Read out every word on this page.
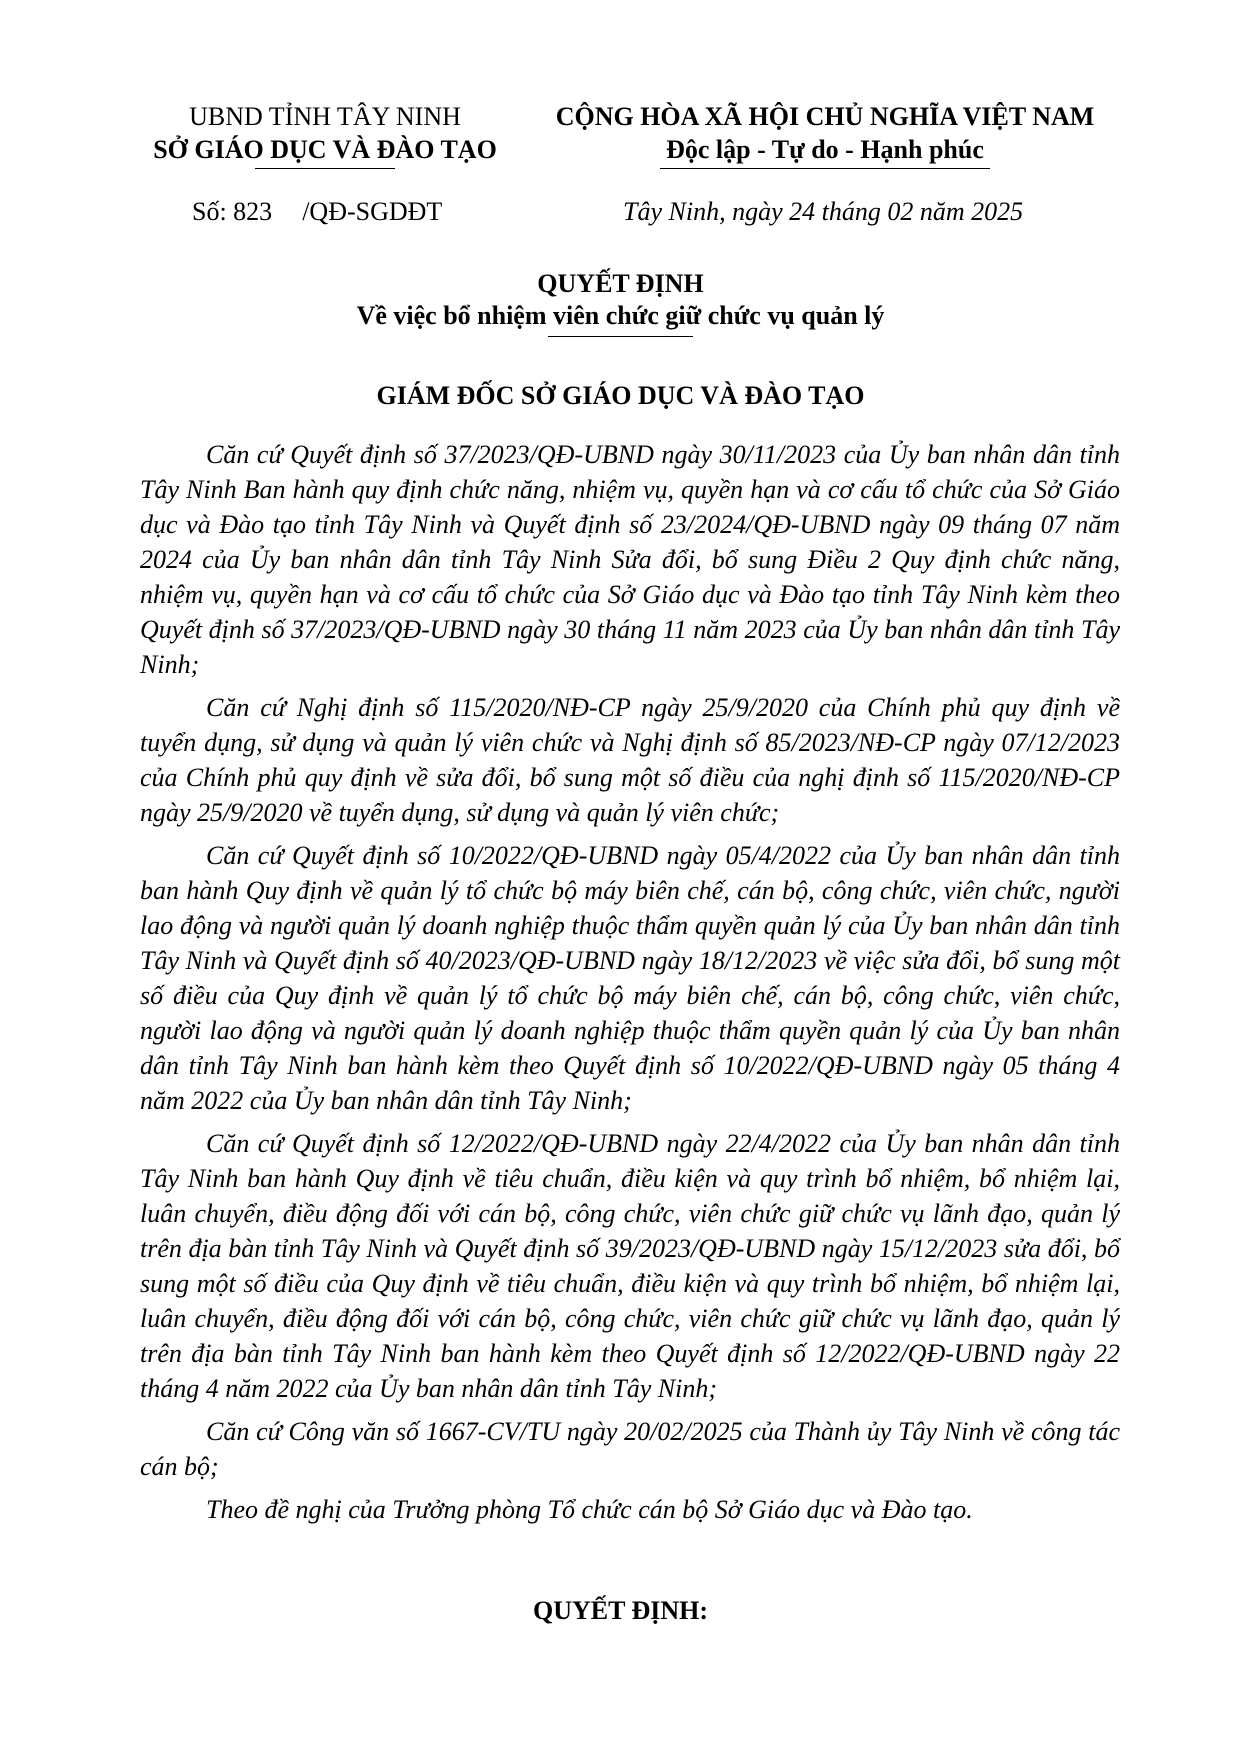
UBND TỈNH TÂY NINH
SỞ GIÁO DỤC VÀ ĐÀO TẠO
CỘNG HÒA XÃ HỘI CHỦ NGHĨA VIỆT NAM
Độc lập - Tự do - Hạnh phúc
Số: 823 /QĐ-SGDĐT	Tây Ninh, ngày 24 tháng 02 năm 2025
QUYẾT ĐỊNH
Về việc bổ nhiệm viên chức giữ chức vụ quản lý
GIÁM ĐỐC SỞ GIÁO DỤC VÀ ĐÀO TẠO

Căn cứ Quyết định số 37/2023/QĐ-UBND ngày 30/11/2023 của Ủy ban nhân dân tỉnh Tây Ninh Ban hành quy định chức năng, nhiệm vụ, quyền hạn và cơ cấu tổ chức của Sở Giáo dục và Đào tạo tỉnh Tây Ninh và Quyết định số 23/2024/QĐ-UBND ngày 09 tháng 07 năm 2024 của Ủy ban nhân dân tỉnh Tây Ninh Sửa đổi, bổ sung Điều 2 Quy định chức năng, nhiệm vụ, quyền hạn và cơ cấu tổ chức của Sở Giáo dục và Đào tạo tỉnh Tây Ninh kèm theo Quyết định số 37/2023/QĐ-UBND ngày 30 tháng 11 năm 2023 của Ủy ban nhân dân tỉnh Tây Ninh;

Căn cứ Nghị định số 115/2020/NĐ-CP ngày 25/9/2020 của Chính phủ quy định về tuyển dụng, sử dụng và quản lý viên chức và Nghị định số 85/2023/NĐ-CP ngày 07/12/2023 của Chính phủ quy định về sửa đổi, bổ sung một số điều của nghị định số 115/2020/NĐ-CP ngày 25/9/2020 về tuyển dụng, sử dụng và quản lý viên chức;

Căn cứ Quyết định số 10/2022/QĐ-UBND ngày 05/4/2022 của Ủy ban nhân dân tỉnh ban hành Quy định về quản lý tổ chức bộ máy biên chế, cán bộ, công chức, viên chức, người lao động và người quản lý doanh nghiệp thuộc thẩm quyền quản lý của Ủy ban nhân dân tỉnh Tây Ninh và Quyết định số 40/2023/QĐ-UBND ngày 18/12/2023 về việc sửa đổi, bổ sung một số điều của Quy định về quản lý tổ chức bộ máy biên chế, cán bộ, công chức, viên chức, người lao động và người quản lý doanh nghiệp thuộc thẩm quyền quản lý của Ủy ban nhân dân tỉnh Tây Ninh ban hành kèm theo Quyết định số 10/2022/QĐ-UBND ngày 05 tháng 4 năm 2022 của Ủy ban nhân dân tỉnh Tây Ninh;

Căn cứ Quyết định số 12/2022/QĐ-UBND ngày 22/4/2022 của Ủy ban nhân dân tỉnh Tây Ninh ban hành Quy định về tiêu chuẩn, điều kiện và quy trình bổ nhiệm, bổ nhiệm lại, luân chuyển, điều động đối với cán bộ, công chức, viên chức giữ chức vụ lãnh đạo, quản lý trên địa bàn tỉnh Tây Ninh và Quyết định số 39/2023/QĐ-UBND ngày 15/12/2023 sửa đổi, bổ sung một số điều của Quy định về tiêu chuẩn, điều kiện và quy trình bổ nhiệm, bổ nhiệm lại, luân chuyển, điều động đối với cán bộ, công chức, viên chức giữ chức vụ lãnh đạo, quản lý trên địa bàn tỉnh Tây Ninh ban hành kèm theo Quyết định số 12/2022/QĐ-UBND ngày 22 tháng 4 năm 2022 của Ủy ban nhân dân tỉnh Tây Ninh;

Căn cứ Công văn số 1667-CV/TU ngày 20/02/2025 của Thành ủy Tây Ninh về công tác cán bộ;

Theo đề nghị của Trưởng phòng Tổ chức cán bộ Sở Giáo dục và Đào tạo.

QUYẾT ĐỊNH:
